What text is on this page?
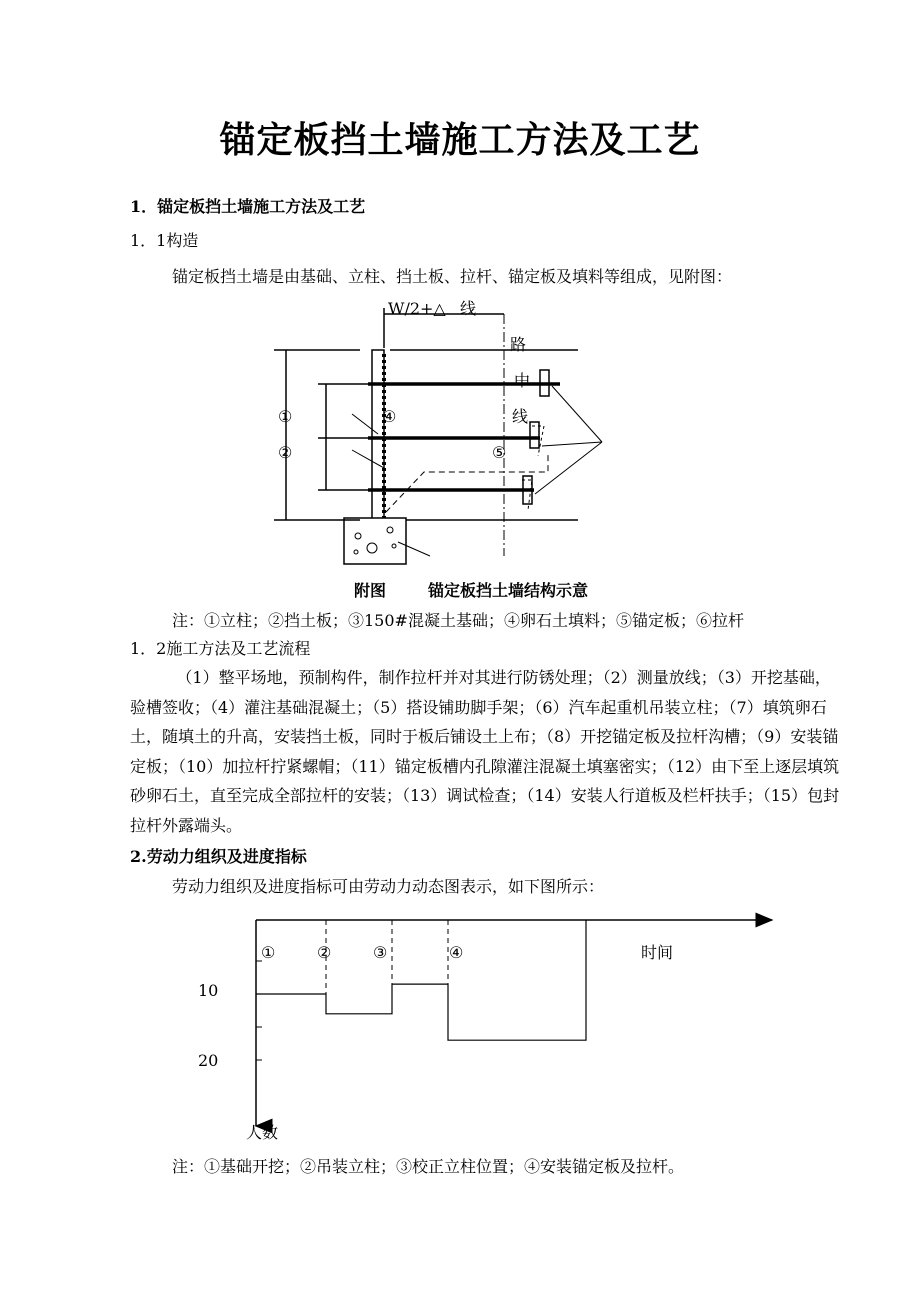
锚定板挡土墙施工方法及工艺
1．锚定板挡土墙施工方法及工艺
1．1构造
锚定板挡土墙是由基础、立柱、挡土板、拉杆、锚定板及填料等组成，见附图：
W/2+△ 线
路
中
线
①
②
④
⑤
附图	锚定板挡土墙结构示意
注：①立柱；②挡土板；③150#混凝土基础；④卵石土填料；⑤锚定板；⑥拉杆
1．2施工方法及工艺流程
（1）整平场地，预制构件，制作拉杆并对其进行防锈处理；（2）测量放线；（3）开挖基础，验槽签收；（4）灌注基础混凝土；（5）搭设铺助脚手架；（6）汽车起重机吊装立柱；（7）填筑卵石土，随填土的升高，安装挡土板，同时于板后铺设土上布；（8）开挖锚定板及拉杆沟槽；（9）安装锚定板；（10）加拉杆拧紧螺帽；（11）锚定板槽内孔隙灌注混凝土填塞密实；（12）由下至上逐层填筑砂卵石土，直至完成全部拉杆的安装；（13）调试检查；（14）安装人行道板及栏杆扶手；（15）包封拉杆外露端头。
2.劳动力组织及进度指标
劳动力组织及进度指标可由劳动力动态图表示，如下图所示：
时间
10
20
人数
①	②	③	④
注：①基础开挖；②吊装立柱；③校正立柱位置；④安装锚定板及拉杆。
